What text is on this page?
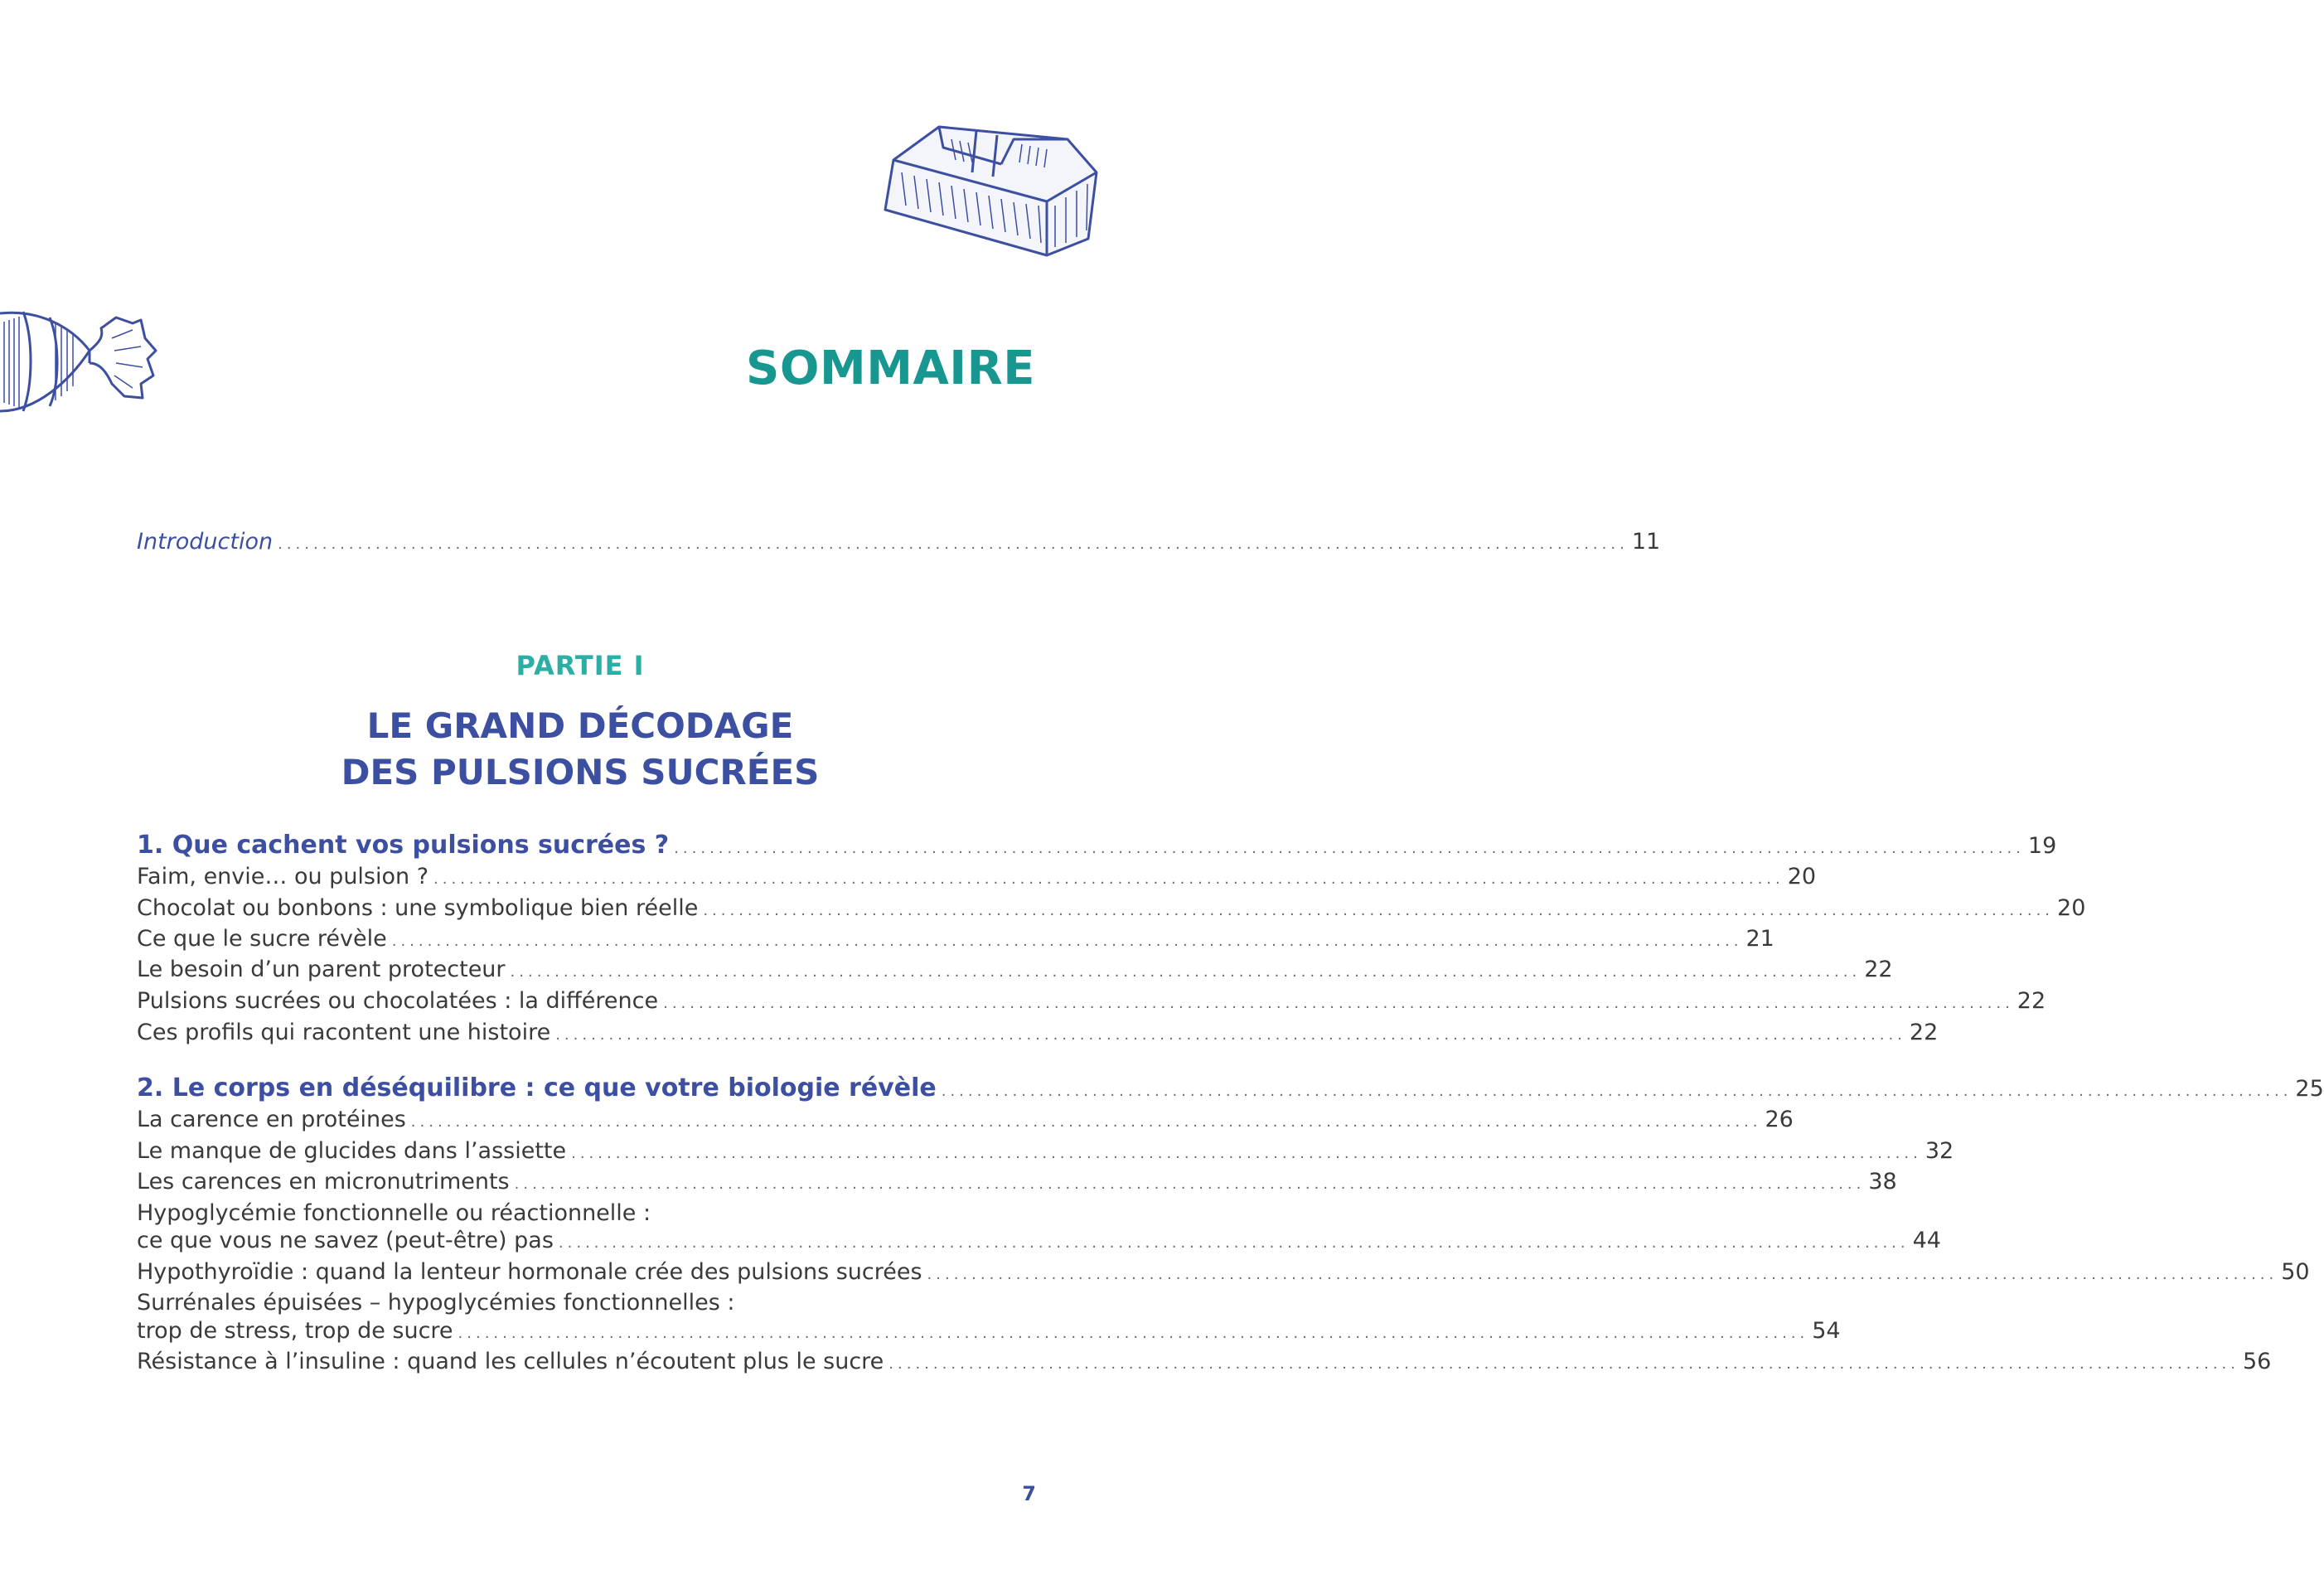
SOMMAIRE
Introduction ........................................................................................................................................................ 11
PARTIE I
LE GRAND DÉCODAGE
DES PULSIONS SUCRÉES
1. Que cachent vos pulsions sucrées ? ........................................................................................................................................................ 19
Faim, envie… ou pulsion ? ........................................................................................................................................................ 20
Chocolat ou bonbons : une symbolique bien réelle ........................................................................................................................................................ 20
Ce que le sucre révèle ........................................................................................................................................................ 21
Le besoin d’un parent protecteur ........................................................................................................................................................ 22
Pulsions sucrées ou chocolatées : la différence ........................................................................................................................................................ 22
Ces profils qui racontent une histoire ........................................................................................................................................................ 22
2. Le corps en déséquilibre : ce que votre biologie révèle ........................................................................................................................................................ 25
La carence en protéines ........................................................................................................................................................ 26
Le manque de glucides dans l’assiette ........................................................................................................................................................ 32
Les carences en micronutriments ........................................................................................................................................................ 38
Hypoglycémie fonctionnelle ou réactionnelle :
ce que vous ne savez (peut-être) pas ........................................................................................................................................................ 44
Hypothyroïdie : quand la lenteur hormonale crée des pulsions sucrées ........................................................................................................................................................ 50
Surrénales épuisées – hypoglycémies fonctionnelles :
trop de stress, trop de sucre ........................................................................................................................................................ 54
Résistance à l’insuline : quand les cellules n’écoutent plus le sucre ........................................................................................................................................................ 56
7
